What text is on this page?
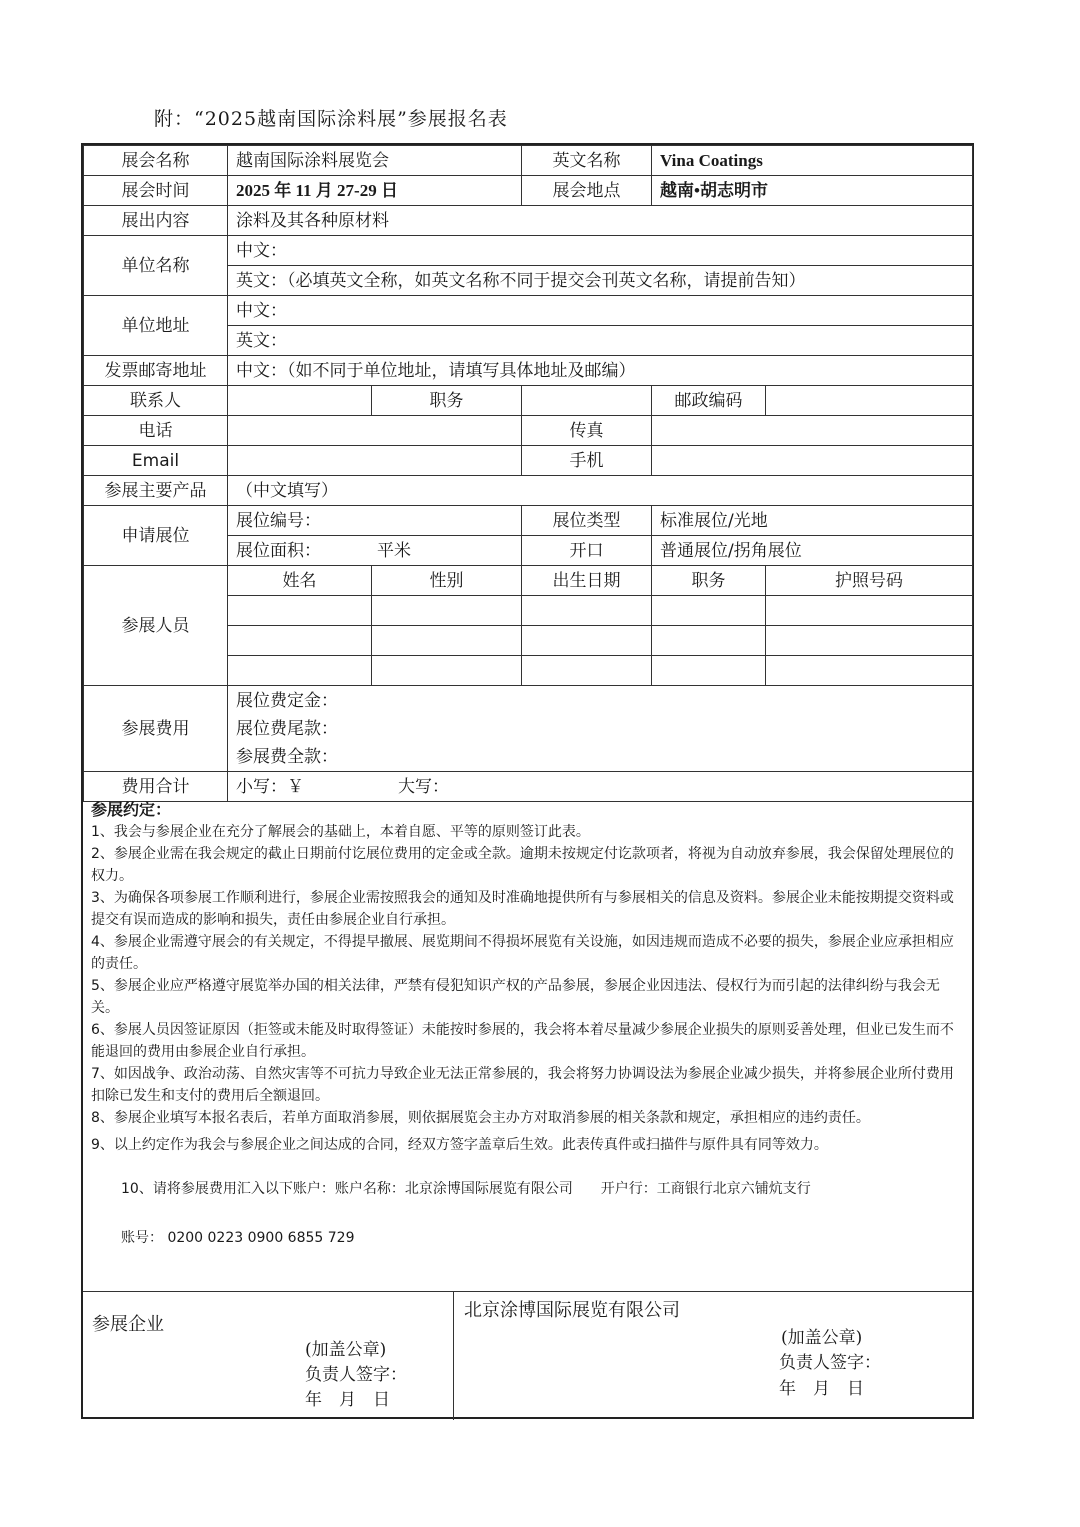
附：“2025越南国际涂料展”参展报名表
展会名称	越南国际涂料展览会		英文名称	Vina Coatings	
展会时间	2025 年 11 月 27-29 日		展会地点	越南•胡志明市	
展出内容	涂料及其各种原材料				
单位名称	中文：				
	英文：（必填英文全称，如英文名称不同于提交会刊英文名称，请提前告知）				
单位地址	中文：				
	英文：				
发票邮寄地址	中文：（如不同于单位地址，请填写具体地址及邮编）				
联系人		职务		邮政编码	
电话			传真		
Email			手机		
参展主要产品	（中文填写）				
申请展位	展位编号：		展位类型	标准展位/光地	
	展位面积： 平米		开口	普通展位/拐角展位	
参展人员	姓名	性别	出生日期	职务	护照号码

参展费用	展位费定金：
展位费尾款：
参展费全款：				

费用合计	小写：￥ 大写：				
参展约定：

1、我会与参展企业在充分了解展会的基础上，本着自愿、平等的原则签订此表。

2、参展企业需在我会规定的截止日期前付讫展位费用的定金或全款。逾期未按规定付讫款项者，将视为自动放弃参展，我会保留处理展位的权力。

3、为确保各项参展工作顺利进行，参展企业需按照我会的通知及时准确地提供所有与参展相关的信息及资料。参展企业未能按期提交资料或提交有误而造成的影响和损失，责任由参展企业自行承担。

4、参展企业需遵守展会的有关规定，不得提早撤展、展览期间不得损坏展览有关设施，如因违规而造成不必要的损失，参展企业应承担相应的责任。

5、参展企业应严格遵守展览举办国的相关法律，严禁有侵犯知识产权的产品参展，参展企业因违法、侵权行为而引起的法律纠纷与我会无关。

6、参展人员因签证原因（拒签或未能及时取得签证）未能按时参展的，我会将本着尽量减少参展企业损失的原则妥善处理，但业已发生而不能退回的费用由参展企业自行承担。

7、如因战争、政治动荡、自然灾害等不可抗力导致企业无法正常参展的，我会将努力协调设法为参展企业减少损失，并将参展企业所付费用扣除已发生和支付的费用后全额退回。

8、参展企业填写本报名表后，若单方面取消参展，则依据展览会主办方对取消参展的相关条款和规定，承担相应的违约责任。

9、以上约定作为我会与参展企业之间达成的合同，经双方签字盖章后生效。此表传真件或扫描件与原件具有同等效力。

10、请将参展费用汇入以下账户：账户名称：北京涂博国际展览有限公司　　开户行：工商银行北京六铺炕支行

账号： 0200 0223 0900 6855 729

参展企业
(加盖公章)
负责人签字：
年　月　日
北京涂博国际展览有限公司
(加盖公章)
负责人签字：
年　月　日
